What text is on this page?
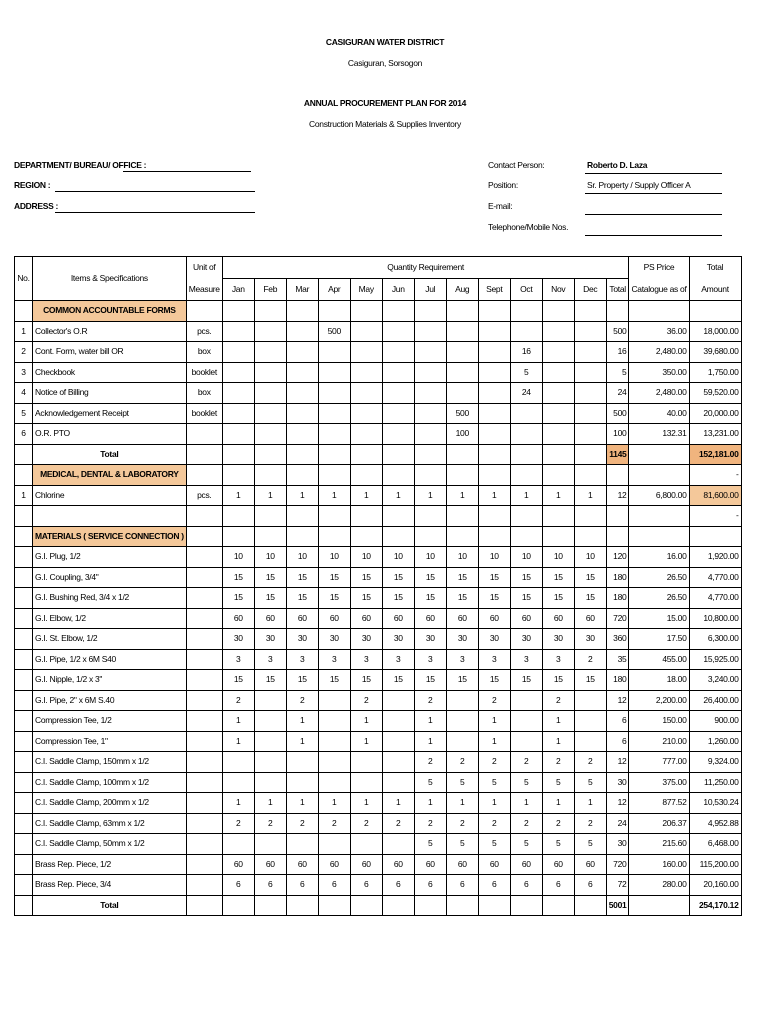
CASIGURAN WATER DISTRICT
Casiguran, Sorsogon
ANNUAL PROCUREMENT PLAN FOR 2014
Construction Materials & Supplies Inventory
DEPARTMENT/ BUREAU/ OFFICE :
REGION :
ADDRESS :
Contact Person:	Roberto D. Laza
Position:	Sr. Property / Supply Officer A
E-mail:
Telephone/Mobile Nos.
No.	Items & Specifications	Unit of	Quantity Requirement													PS Price	Total
		Measure	Jan	Feb	Mar	Apr	May	Jun	Jul	Aug	Sept	Oct	Nov	Dec	Total	Catalogue as of	Amount
	COMMON ACCOUNTABLE FORMS																
1	Collector's O.R	pcs.				500									500	36.00	18,000.00
2	Cont. Form, water bill OR	box										16			16	2,480.00	39,680.00
3	Checkbook	booklet										5			5	350.00	1,750.00
4	Notice of Billing	box										24			24	2,480.00	59,520.00
5	Acknowledgement Receipt	booklet								500					500	40.00	20,000.00
6	O.R. PTO									100					100	132.31	13,231.00
	Total														1145		152,181.00
	MEDICAL, DENTAL & LABORATORY																-
1	Chlorine	pcs.	1	1	1	1	1	1	1	1	1	1	1	1	12	6,800.00	81,600.00
																	-
	MATERIALS ( SERVICE CONNECTION )																
	G.I. Plug, 1/2		10	10	10	10	10	10	10	10	10	10	10	10	120	16.00	1,920.00
	G.I. Coupling, 3/4"		15	15	15	15	15	15	15	15	15	15	15	15	180	26.50	4,770.00
	G.I. Bushing Red, 3/4 x 1/2		15	15	15	15	15	15	15	15	15	15	15	15	180	26.50	4,770.00
	G.I. Elbow, 1/2		60	60	60	60	60	60	60	60	60	60	60	60	720	15.00	10,800.00
	G.I. St. Elbow, 1/2		30	30	30	30	30	30	30	30	30	30	30	30	360	17.50	6,300.00
	G.I. Pipe, 1/2 x 6M S40		3	3	3	3	3	3	3	3	3	3	3	2	35	455.00	15,925.00
	G.I. Nipple, 1/2 x 3"		15	15	15	15	15	15	15	15	15	15	15	15	180	18.00	3,240.00
	G.I. Pipe, 2" x 6M S.40		2		2		2		2		2		2		12	2,200.00	26,400.00
	Compression Tee, 1/2		1		1		1		1		1		1		6	150.00	900.00
	Compression Tee, 1"		1		1		1		1		1		1		6	210.00	1,260.00
	C.I. Saddle Clamp, 150mm x 1/2								2	2	2	2	2	2	12	777.00	9,324.00
	C.I. Saddle Clamp, 100mm x 1/2								5	5	5	5	5	5	30	375.00	11,250.00
	C.I. Saddle Clamp, 200mm x 1/2		1	1	1	1	1	1	1	1	1	1	1	1	12	877.52	10,530.24
	C.I. Saddle Clamp, 63mm x 1/2		2	2	2	2	2	2	2	2	2	2	2	2	24	206.37	4,952.88
	C.I. Saddle Clamp, 50mm x 1/2								5	5	5	5	5	5	30	215.60	6,468.00
	Brass Rep. Piece, 1/2		60	60	60	60	60	60	60	60	60	60	60	60	720	160.00	115,200.00
	Brass Rep. Piece, 3/4		6	6	6	6	6	6	6	6	6	6	6	6	72	280.00	20,160.00
	Total														5001		254,170.12
